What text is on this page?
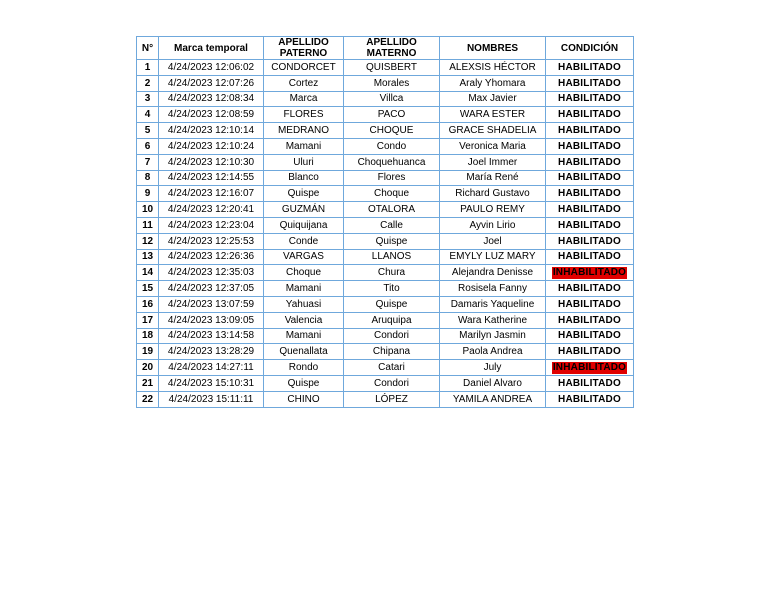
N°	Marca temporal	APELLIDO PATERNO	APELLIDO MATERNO	NOMBRES	CONDICIÓN
1	4/24/2023 12:06:02	CONDORCET	QUISBERT	ALEXSIS HÉCTOR	HABILITADO
2	4/24/2023 12:07:26	Cortez	Morales	Araly Yhomara	HABILITADO
3	4/24/2023 12:08:34	Marca	Villca	Max Javier	HABILITADO
4	4/24/2023 12:08:59	FLORES	PACO	WARA ESTER	HABILITADO
5	4/24/2023 12:10:14	MEDRANO	CHOQUE	GRACE SHADELIA	HABILITADO
6	4/24/2023 12:10:24	Mamani	Condo	Veronica Maria	HABILITADO
7	4/24/2023 12:10:30	Uluri	Choquehuanca	Joel Immer	HABILITADO
8	4/24/2023 12:14:55	Blanco	Flores	María René	HABILITADO
9	4/24/2023 12:16:07	Quispe	Choque	Richard Gustavo	HABILITADO
10	4/24/2023 12:20:41	GUZMÁN	OTALORA	PAULO REMY	HABILITADO
11	4/24/2023 12:23:04	Quiquijana	Calle	Ayvin Lirio	HABILITADO
12	4/24/2023 12:25:53	Conde	Quispe	Joel	HABILITADO
13	4/24/2023 12:26:36	VARGAS	LLANOS	EMYLY LUZ MARY	HABILITADO
14	4/24/2023 12:35:03	Choque	Chura	Alejandra Denisse	INHABILITADO
15	4/24/2023 12:37:05	Mamani	Tito	Rosisela Fanny	HABILITADO
16	4/24/2023 13:07:59	Yahuasi	Quispe	Damaris Yaqueline	HABILITADO
17	4/24/2023 13:09:05	Valencia	Aruquipa	Wara Katherine	HABILITADO
18	4/24/2023 13:14:58	Mamani	Condori	Marilyn Jasmin	HABILITADO
19	4/24/2023 13:28:29	Quenallata	Chipana	Paola Andrea	HABILITADO
20	4/24/2023 14:27:11	Rondo	Catari	July	INHABILITADO
21	4/24/2023 15:10:31	Quispe	Condori	Daniel Alvaro	HABILITADO
22	4/24/2023 15:11:11	CHINO	LÓPEZ	YAMILA ANDREA	HABILITADO
